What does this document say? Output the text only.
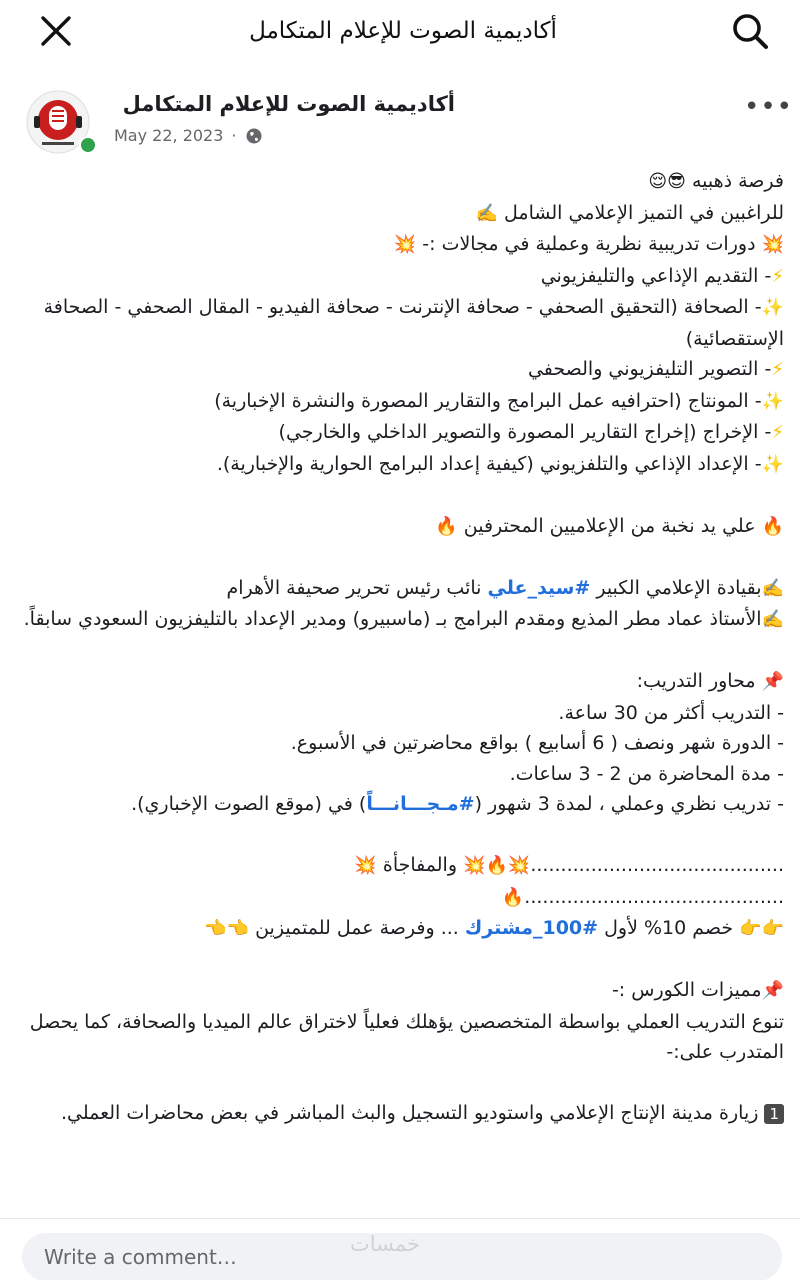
أكاديمية الصوت للإعلام المتكامل
أكاديمية الصوت للإعلام المتكامل
May 22, 2023 ·
•••

فرصة ذهبيه 😎😌

للراغبين في التميز الإعلامي الشامل ✍️

💥 دورات تدريبية نظرية وعملية في مجالات :- 💥

⚡- التقديم الإذاعي والتليفزيوني

✨- الصحافة (التحقيق الصحفي - صحافة الإنترنت - صحافة الفيديو - المقال الصحفي - الصحافة الإستقصائية)

⚡- التصوير التليفزيوني والصحفي

✨- المونتاج (احترافيه عمل البرامج والتقارير المصورة والنشرة الإخبارية)

⚡- الإخراج (إخراج التقارير المصورة والتصوير الداخلي والخارجي)

✨- الإعداد الإذاعي والتلفزيوني (كيفية إعداد البرامج الحوارية والإخبارية).

🔥 علي يد نخبة من الإعلاميين المحترفين 🔥

✍️بقيادة الإعلامي الكبير #سيد_علي نائب رئيس تحرير صحيفة الأهرام

✍️الأستاذ عماد مطر المذيع ومقدم البرامج بـ (ماسبيرو) ومدير الإعداد بالتليفزيون السعودي سابقاً.

📌 محاور التدريب:

- التدريب أكثر من 30 ساعة.

- الدورة شهر ونصف ( 6 أسابيع ) بواقع محاضرتين في الأسبوع.

- مدة المحاضرة من 2 - 3 ساعات.

- تدريب نظري وعملي ، لمدة 3 شهور (#مـجـــانـــاً) في (موقع الصوت الإخباري).

..........................................💥🔥💥 والمفاجأة 💥

...........................................🔥

👉👉 خصم 10% لأول #100_مشترك ... وفرصة عمل للمتميزين 👈👈

📌مميزات الكورس :-

تنوع التدريب العملي بواسطة المتخصصين يؤهلك فعلياً لاختراق عالم الميديا والصحافة، كما يحصل المتدرب على:-

1 زيارة مدينة الإنتاج الإعلامي واستوديو التسجيل والبث المباشر في بعض محاضرات العملي.

Write a comment…
خمسات
